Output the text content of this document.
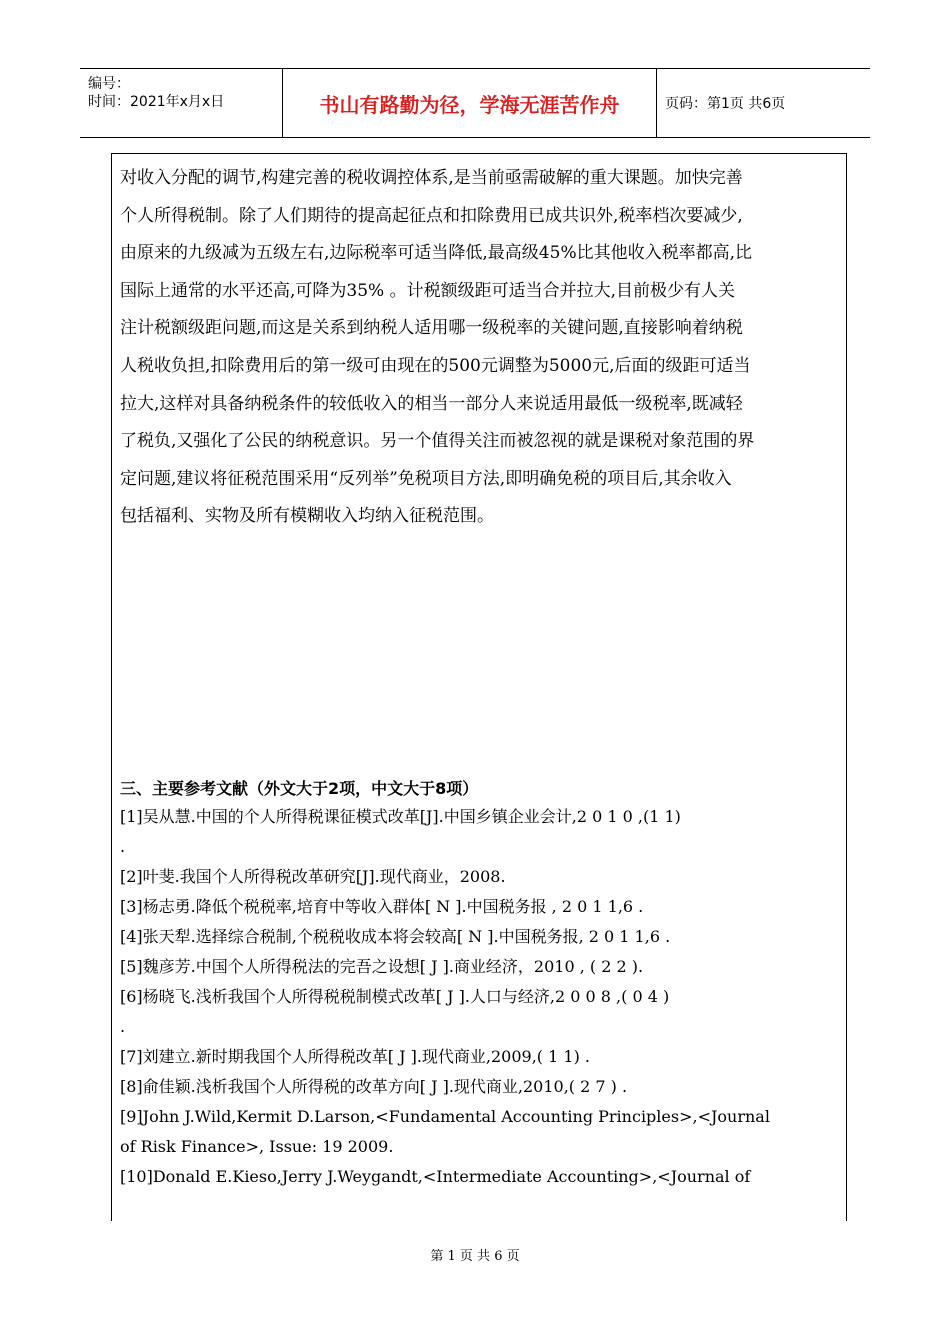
编号：
时间：2021年x月x日	书山有路勤为径，学海无涯苦作舟	页码：第1页 共6页
对收入分配的调节,构建完善的税收调控体系,是当前亟需破解的重大课题。加快完善
个人所得税制。除了人们期待的提高起征点和扣除费用已成共识外,税率档次要减少,
由原来的九级减为五级左右,边际税率可适当降低,最高级45%比其他收入税率都高,比
国际上通常的水平还高,可降为35% 。计税额级距可适当合并拉大,目前极少有人关
注计税额级距问题,而这是关系到纳税人适用哪一级税率的关键问题,直接影响着纳税
人税收负担,扣除费用后的第一级可由现在的500元调整为5000元,后面的级距可适当
拉大,这样对具备纳税条件的较低收入的相当一部分人来说适用最低一级税率,既减轻
了税负,又强化了公民的纳税意识。另一个值得关注而被忽视的就是课税对象范围的界
定问题,建议将征税范围采用“反列举”免税项目方法,即明确免税的项目后,其余收入
包括福利、实物及所有模糊收入均纳入征税范围。
三、主要参考文献（外文大于2项，中文大于8项）
[1]吴从慧.中国的个人所得税课征模式改革[J].中国乡镇企业会计,2 0 1 0 ,(1 1)
.
[2]叶斐.我国个人所得税改革研究[J].现代商业，2008.
[3]杨志勇.降低个税税率,培育中等收入群体[ N ].中国税务报 , 2 0 1 1,6 .
[4]张天犁.选择综合税制,个税税收成本将会较高[ N ].中国税务报, 2 0 1 1,6 .
[5]魏彦芳.中国个人所得税法的完吾之设想[ J ].商业经济，2010 , ( 2 2 ).
[6]杨晓飞.浅析我国个人所得税税制模式改革[ J ].人口与经济,2 0 0 8 ,( 0 4 )
.
[7]刘建立.新时期我国个人所得税改革[ J ].现代商业,2009,( 1 1) .
[8]俞佳颖.浅析我国个人所得税的改革方向[ J ].现代商业,2010,( 2 7 ) .
[9]John J.Wild,Kermit D.Larson,<Fundamental Accounting Principles>,<Journal
of Risk Finance>, Issue: 19 2009.
[10]Donald E.Kieso,Jerry J.Weygandt,<Intermediate Accounting>,<Journal of
第 1 页 共 6 页
